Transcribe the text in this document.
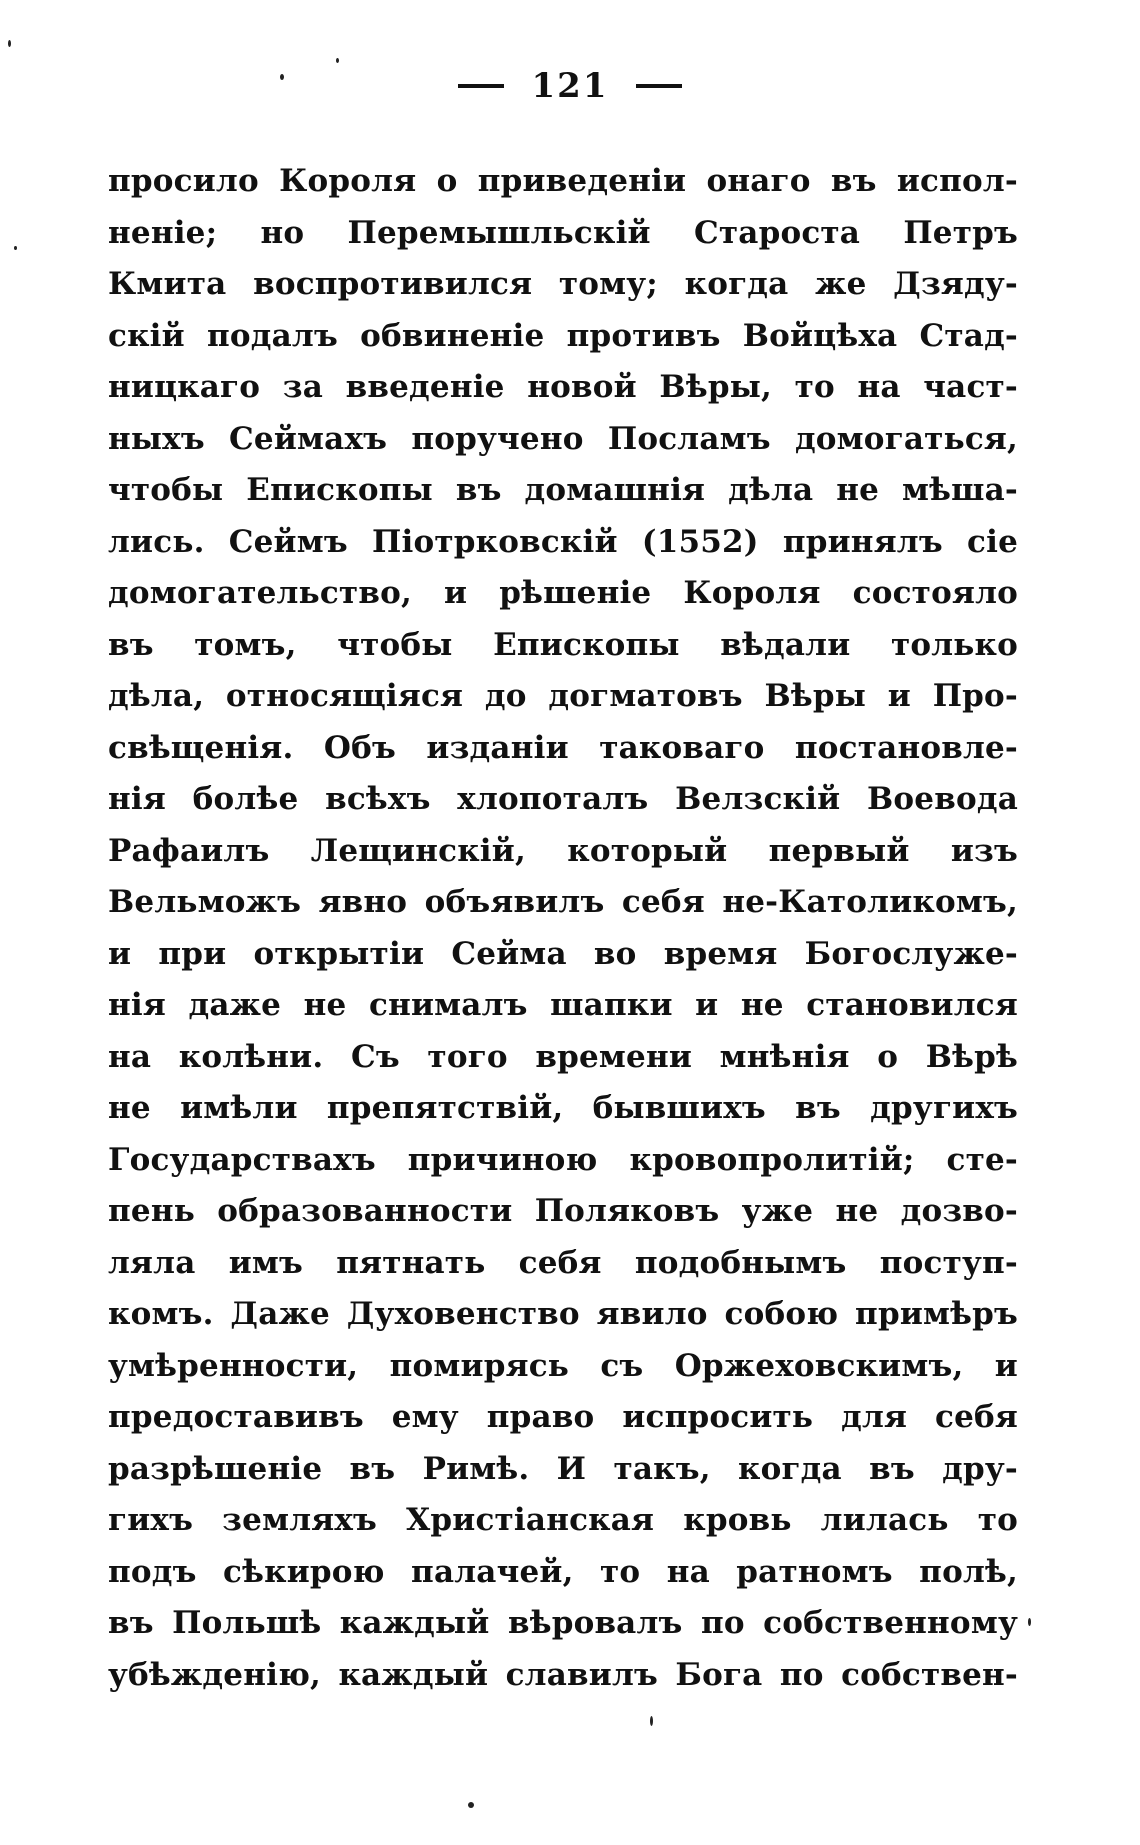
121
просило Короля о приведенiи онаго въ испол-
ненiе; но Перемышльскiй Старостa Петръ
Кмита воспротивился тому; когда же Дзяду-
скiй подалъ обвиненiе противъ Войцѣха Стад-
ницкаго за введенiе новой Вѣры, то на част-
ныхъ Сеймахъ поручено Посламъ домогаться,
чтобы Епископы въ домашнiя дѣла не мѣша-
лись. Сеймъ Пiотрковскiй (1552) принялъ сiе
домогательство, и рѣшенiе Короля состояло
въ томъ, чтобы Епископы вѣдали только
дѣла, относящiяся до догматовъ Вѣры и Про-
свѣщенiя. Объ изданiи таковаго постановле-
нiя болѣе всѣхъ хлопоталъ Велзскiй Воевода
Рафаилъ Лещинскiй, который первый изъ
Вельможъ явно объявилъ себя не-Католикомъ,
и при открытiи Сейма во время Богослуже-
нiя даже не снималъ шапки и не становился
на колѣни. Съ того времени мнѣнiя о Вѣрѣ
не имѣли препятствiй, бывшихъ въ другихъ
Государствахъ причиною кровопролитiй; сте-
пень образованности Поляковъ уже не дозво-
ляла имъ пятнать себя подобнымъ поступ-
комъ. Даже Духовенство явило собою примѣръ
умѣренности, помирясь съ Оржеховскимъ, и
предоставивъ ему право испросить для себя
разрѣшенiе въ Римѣ. И такъ, когда въ дру-
гихъ земляхъ Христiанская кровь лилась то
подъ сѣкирою палачей, то на ратномъ полѣ,
въ Польшѣ каждый вѣровалъ по собственному
убѣжденiю, каждый славилъ Бога по собствен-
